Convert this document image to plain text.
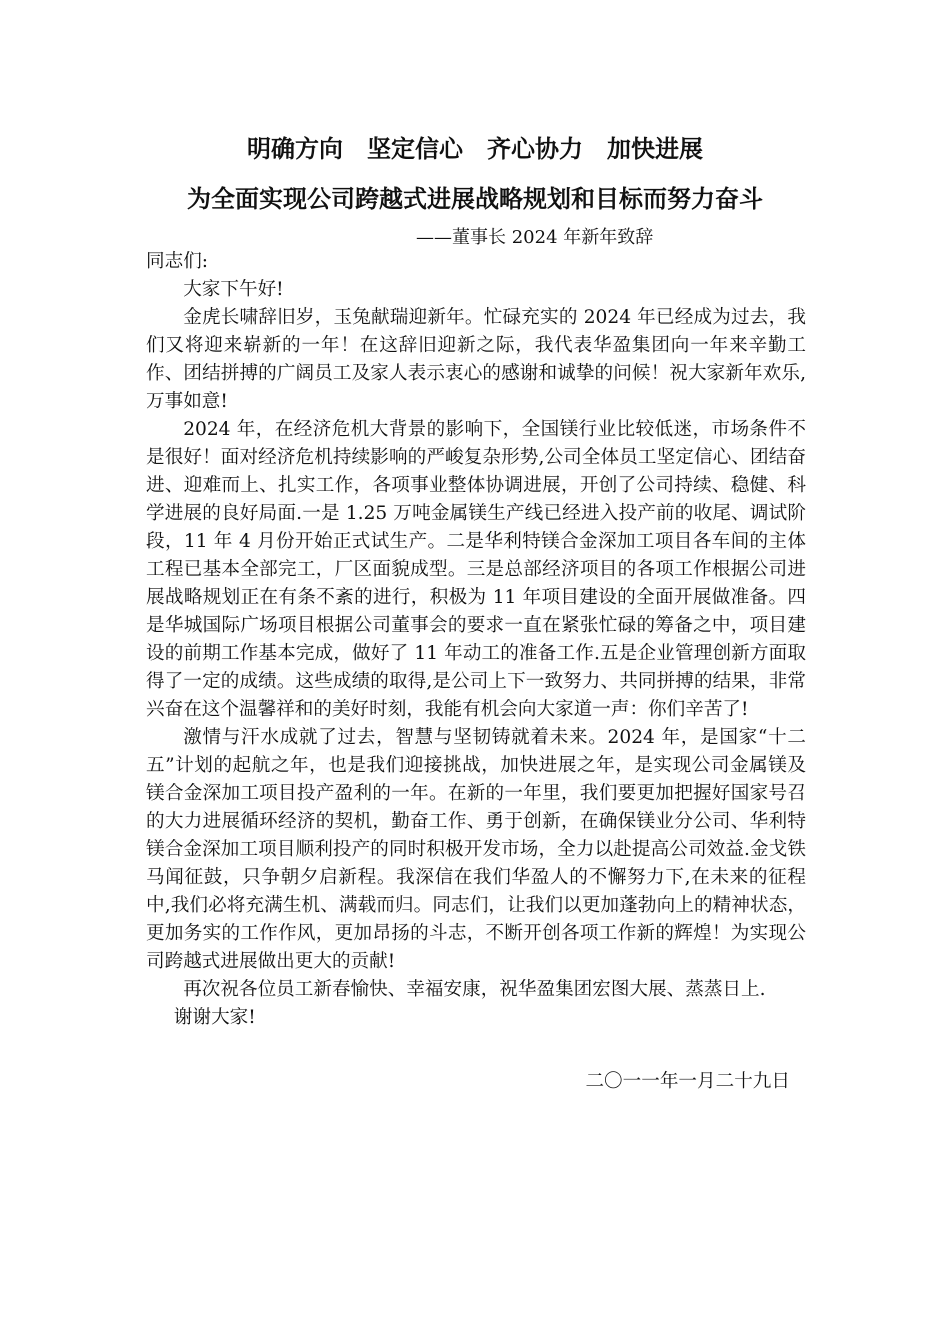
明确方向　坚定信心　齐心协力　加快进展
为全面实现公司跨越式进展战略规划和目标而努力奋斗
——董事长 2024 年新年致辞

同志们:

大家下午好!

金虎长啸辞旧岁，玉兔献瑞迎新年。忙碌充实的 2024 年已经成为过去，我们又将迎来崭新的一年！在这辞旧迎新之际，我代表华盈集团向一年来辛勤工作、团结拼搏的广阔员工及家人表示衷心的感谢和诚挚的问候！祝大家新年欢乐,万事如意!

2024 年，在经济危机大背景的影响下，全国镁行业比较低迷，市场条件不是很好！面对经济危机持续影响的严峻复杂形势,公司全体员工坚定信心、团结奋进、迎难而上、扎实工作，各项事业整体协调进展，开创了公司持续、稳健、科学进展的良好局面.一是 1.25 万吨金属镁生产线已经进入投产前的收尾、调试阶段，11 年 4 月份开始正式试生产。二是华利特镁合金深加工项目各车间的主体工程已基本全部完工，厂区面貌成型。三是总部经济项目的各项工作根据公司进展战略规划正在有条不紊的进行，积极为 11 年项目建设的全面开展做准备。四是华城国际广场项目根据公司董事会的要求一直在紧张忙碌的筹备之中，项目建设的前期工作基本完成，做好了 11 年动工的准备工作.五是企业管理创新方面取得了一定的成绩。这些成绩的取得,是公司上下一致努力、共同拼搏的结果，非常兴奋在这个温馨祥和的美好时刻，我能有机会向大家道一声：你们辛苦了!

激情与汗水成就了过去，智慧与坚韧铸就着未来。2024 年，是国家“十二五”计划的起航之年，也是我们迎接挑战，加快进展之年，是实现公司金属镁及镁合金深加工项目投产盈利的一年。在新的一年里，我们要更加把握好国家号召的大力进展循环经济的契机，勤奋工作、勇于创新，在确保镁业分公司、华利特镁合金深加工项目顺利投产的同时积极开发市场，全力以赴提高公司效益.金戈铁马闻征鼓，只争朝夕启新程。我深信在我们华盈人的不懈努力下,在未来的征程中,我们必将充满生机、满载而归。同志们，让我们以更加蓬勃向上的精神状态，更加务实的工作作风，更加昂扬的斗志，不断开创各项工作新的辉煌！为实现公司跨越式进展做出更大的贡献!

再次祝各位员工新春愉快、幸福安康，祝华盈集团宏图大展、蒸蒸日上.

谢谢大家!

二〇一一年一月二十九日
